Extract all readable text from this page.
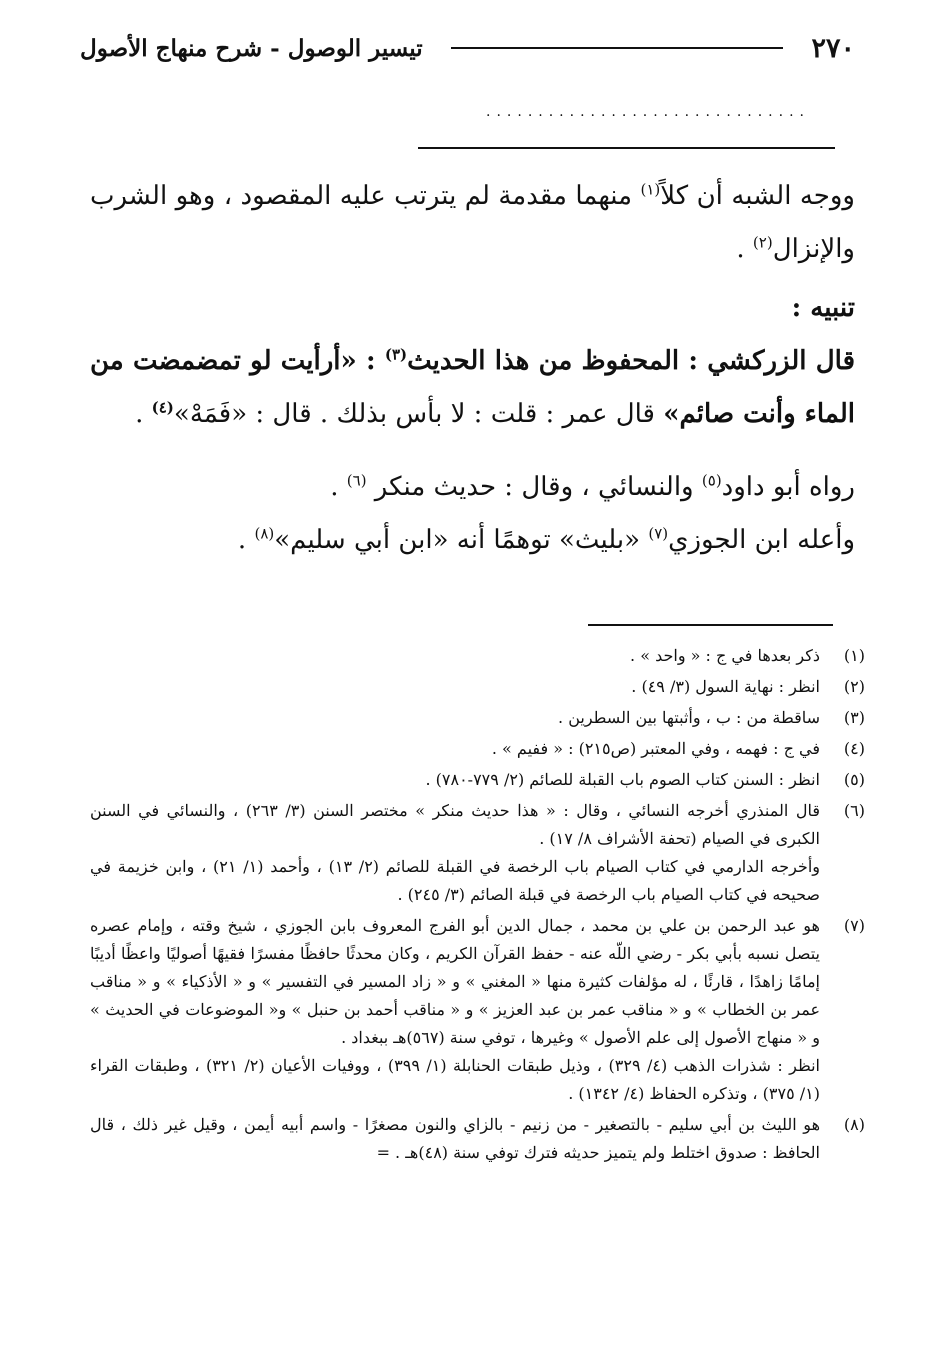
٢٧٠
تيسير الوصول - شرح منهاج الأصول
...............................

ووجه الشبه أن كلاً$^{(١)}$ منهما مقدمة لم يترتب عليه المقصود ، وهو الشرب والإنزال$^{(٢)}$ .

تنبيه :

قال الزركشي : المحفوظ من هذا الحديث$^{(٣)}$ : «أرأيت لو تمضمضت من الماء وأنت صائم» قال عمر : قلت : لا بأس بذلك . قال : «فَمَهْ»$^{(٤)}$ .

رواه أبو داود$^{(٥)}$ والنسائي ، وقال : حديث منكر $^{(٦)}$ .

وأعله ابن الجوزي$^{(٧)}$ «بليث» توهمًا أنه «ابن أبي سليم»$^{(٨)}$ .

(١)

ذكر بعدها في ج : « واحد » .

(٢)

انظر : نهاية السول (٣/ ٤٩) .

(٣)

ساقطة من : ب ، وأثبتها بين السطرين .

(٤)

في ج : فهمه ، وفي المعتبر (ص٢١٥) : « ففيم » .

(٥)

انظر : السنن كتاب الصوم باب القبلة للصائم (٢/ ٧٧٩-٧٨٠) .

(٦)

قال المنذري أخرجه النسائي ، وقال : « هذا حديث منكر » مختصر السنن (٣/ ٢٦٣) ، والنسائي في السنن الكبرى في الصيام (تحفة الأشراف ٨/ ١٧) .

وأخرجه الدارمي في كتاب الصيام باب الرخصة في القبلة للصائم (٢/ ١٣) ، وأحمد (١/ ٢١) ، وابن خزيمة في صحيحه في كتاب الصيام باب الرخصة في قبلة الصائم (٣/ ٢٤٥) .

(٧)

هو عبد الرحمن بن علي بن محمد ، جمال الدين أبو الفرج المعروف بابن الجوزي ، شيخ وقته ، وإمام عصره يتصل نسبه بأبي بكر - رضي اللّه عنه - حفظ القرآن الكريم ، وكان محدثًا حافظًا مفسرًا فقيهًا أصوليًا واعظًا أديبًا إمامًا زاهدًا ، قارئًا ، له مؤلفات كثيرة منها « المغني » و « زاد المسير في التفسير » و « الأذكياء » و « مناقب عمر بن الخطاب » و « مناقب عمر بن عبد العزيز » و « مناقب أحمد بن حنبل » و« الموضوعات في الحديث » و « منهاج الأصول إلى علم الأصول » وغيرها ، توفي سنة (٥٦٧)هـ ببغداد .

انظر : شذرات الذهب (٤/ ٣٢٩) ، وذيل طبقات الحنابلة (١/ ٣٩٩) ، ووفيات الأعيان (٢/ ٣٢١) ، وطبقات القراء (١/ ٣٧٥) ، وتذكره الحفاظ (٤/ ١٣٤٢) .

(٨)

هو الليث بن أبي سليم - بالتصغير - من زنيم - بالزاي والنون مصغرًا - واسم أبيه أيمن ، وقيل غير ذلك ، قال الحافظ : صدوق اختلط ولم يتميز حديثه فترك توفي سنة (٤٨)هـ . =
